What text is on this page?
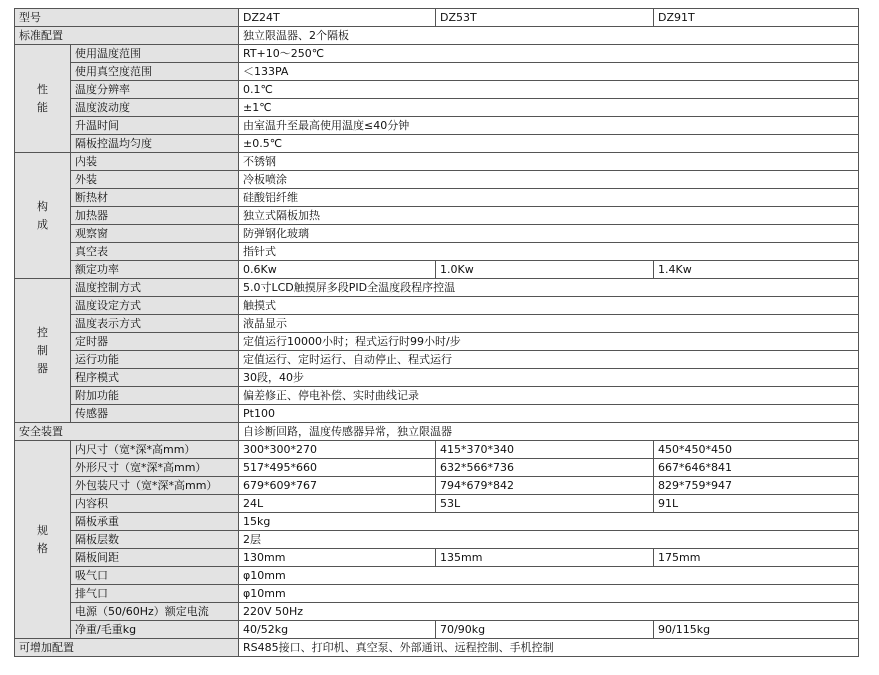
型号		DZ24T	DZ53T	DZ91T
标准配置		独立限温器、2个隔板		
性能	使用温度范围	RT+10～250℃		
	使用真空度范围	＜133PA		
	温度分辨率	0.1℃		
	温度波动度	±1℃		
	升温时间	由室温升至最高使用温度≤40分钟		
	隔板控温均匀度	±0.5℃		
构成	内装	不锈钢		
	外装	冷板喷涂		
	断热材	硅酸铝纤维		
	加热器	独立式隔板加热		
	观察窗	防弹钢化玻璃		
	真空表	指针式		
	额定功率	0.6Kw	1.0Kw	1.4Kw
控制器	温度控制方式	5.0寸LCD触摸屏多段PID全温度段程序控温		
	温度设定方式	触摸式		
	温度表示方式	液晶显示		
	定时器	定值运行10000小时；程式运行时99小时/步		
	运行功能	定值运行、定时运行、自动停止、程式运行		
	程序模式	30段，40步		
	附加功能	偏差修正、停电补偿、实时曲线记录		
	传感器	Pt100		
安全装置		自诊断回路，温度传感器异常，独立限温器		
规格	内尺寸（宽*深*高mm）	300*300*270	415*370*340	450*450*450
	外形尺寸（宽*深*高mm）	517*495*660	632*566*736	667*646*841
	外包装尺寸（宽*深*高mm）	679*609*767	794*679*842	829*759*947
	内容积	24L	53L	91L
	隔板承重	15kg		
	隔板层数	2层		
	隔板间距	130mm	135mm	175mm
	吸气口	φ10mm		
	排气口	φ10mm		
	电源（50/60Hz）额定电流	220V 50Hz		
	净重/毛重kg	40/52kg	70/90kg	90/115kg
可增加配置		RS485接口、打印机、真空泵、外部通讯、远程控制、手机控制		
